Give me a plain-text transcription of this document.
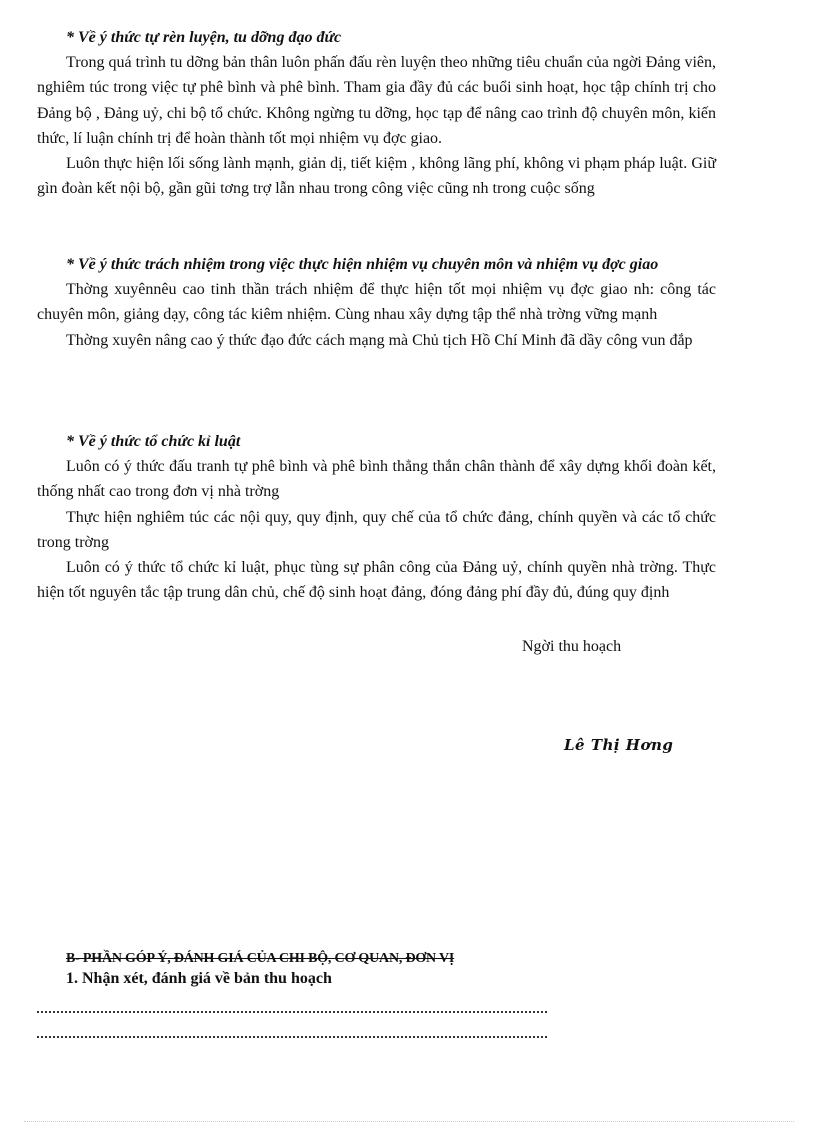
* Về ý thức tự rèn luyện, tu dỡng đạo đức

Trong quá trình tu dỡng bản thân luôn phấn đấu rèn luyện theo những tiêu chuẩn của ngời Đảng viên, nghiêm túc trong việc tự phê bình và phê bình. Tham gia đầy đủ các buổi sinh hoạt, học tập chính trị cho Đảng bộ , Đảng uỷ, chi bộ tổ chức. Không ngừng tu dỡng, học tạp để nâng cao trình độ chuyên môn, kiến thức, lí luận chính trị để hoàn thành tốt mọi nhiệm vụ đợc giao.

Luôn thực hiện lối sống lành mạnh, giản dị, tiết kiệm , không lãng phí, không vi phạm pháp luật. Giữ gìn đoàn kết nội bộ, gần gũi tơng trợ lẫn nhau trong công việc cũng nh trong cuộc sống

* Về ý thức trách nhiệm trong việc thực hiện nhiệm vụ chuyên môn và nhiệm vụ đợc giao

Thờng xuyênnêu cao tinh thần trách nhiệm để thực hiện tốt mọi nhiệm vụ đợc giao nh: công tác chuyên môn, giảng dạy, công tác kiêm nhiệm. Cùng nhau xây dựng tập thể nhà trờng vững mạnh

Thờng xuyên nâng cao ý thức đạo đức cách mạng mà Chủ tịch Hồ Chí Minh đã dầy công vun đắp

* Về ý thức tổ chức kỉ luật

Luôn có ý thức đấu tranh tự phê bình và phê bình thẳng thắn chân thành để xây dựng khối đoàn kết, thống nhất cao trong đơn vị nhà trờng

Thực hiện nghiêm túc các nội quy, quy định, quy chế của tổ chức đảng, chính quyền và các tổ chức trong trờng

Luôn có ý thức tổ chức kỉ luật, phục tùng sự phân công của Đảng uỷ, chính quyền nhà trờng. Thực hiện tốt nguyên tắc tập trung dân chủ, chế độ sinh hoạt đảng, đóng đảng phí đầy đủ, đúng quy định

Ngời thu hoạch
Lê Thị Hơng
B- PHẦN GÓP Ý, ĐÁNH GIÁ CỦA CHI BỘ, CƠ QUAN, ĐƠN VỊ
1. Nhận xét, đánh giá về bản thu hoạch
